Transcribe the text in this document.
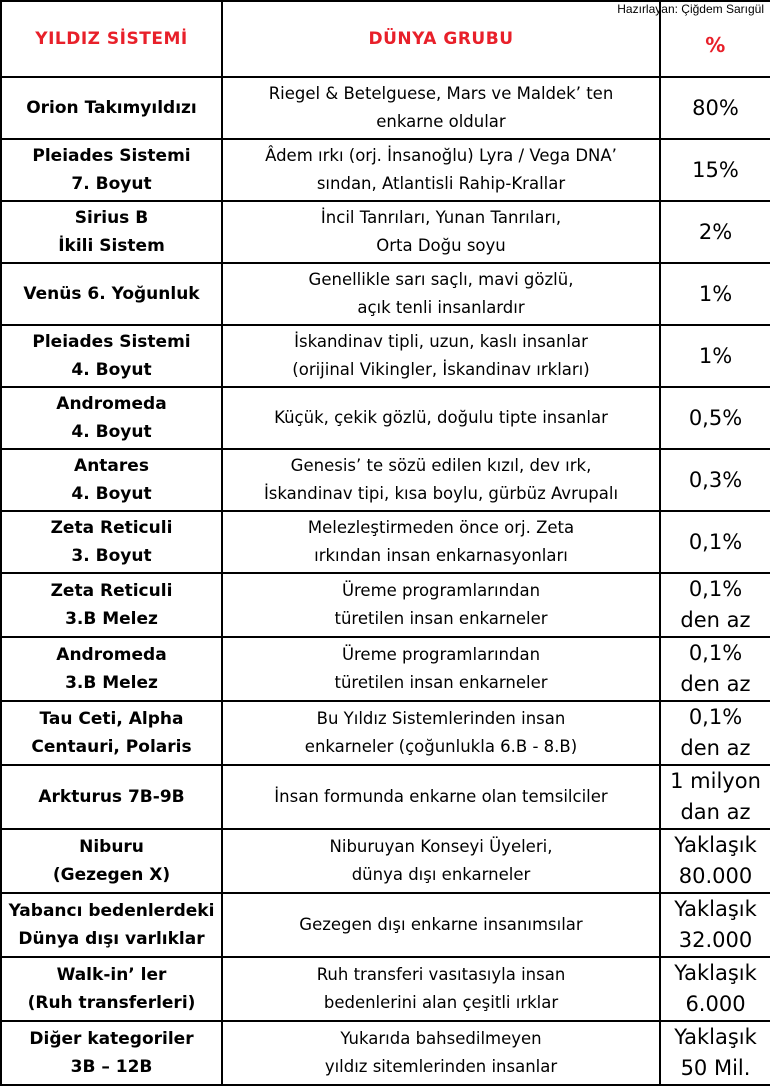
YILDIZ SİSTEMİ	DÜNYA GRUBU	%

Orion Takımyıldızı	Riegel & Betelguese, Mars ve Maldek’ ten
enkarne oldular	80%

Pleiades Sistemi
7. Boyut	Âdem ırkı (orj. İnsanoğlu) Lyra / Vega DNA’
sından, Atlantisli Rahip-Krallar	15%

Sirius B
İkili Sistem	İncil Tanrıları, Yunan Tanrıları,
Orta Doğu soyu	2%

Venüs 6. Yoğunluk	Genellikle sarı saçlı, mavi gözlü,
açık tenli insanlardır	1%

Pleiades Sistemi
4. Boyut	İskandinav tipli, uzun, kaslı insanlar
(orijinal Vikingler, İskandinav ırkları)	1%

Andromeda
4. Boyut	Küçük, çekik gözlü, doğulu tipte insanlar	0,5%

Antares
4. Boyut	Genesis’ te sözü edilen kızıl, dev ırk,
İskandinav tipi, kısa boylu, gürbüz Avrupalı	0,3%

Zeta Reticuli
3. Boyut	Melezleştirmeden önce orj. Zeta
ırkından insan enkarnasyonları	0,1%

Zeta Reticuli
3.B Melez	Üreme programlarından
türetilen insan enkarneler	0,1%
den az

Andromeda
3.B Melez	Üreme programlarından
türetilen insan enkarneler	0,1%
den az

Tau Ceti, Alpha
Centauri, Polaris	Bu Yıldız Sistemlerinden insan
enkarneler (çoğunlukla 6.B - 8.B)	0,1%
den az

Arkturus 7B-9B	İnsan formunda enkarne olan temsilciler	1 milyon
dan az

Niburu
(Gezegen X)	Niburuyan Konseyi Üyeleri,
dünya dışı enkarneler	Yaklaşık
80.000

Yabancı bedenlerdeki
Dünya dışı varlıklar	Gezegen dışı enkarne insanımsılar	Yaklaşık
32.000

Walk-in’ ler
(Ruh transferleri)	Ruh transferi vasıtasıyla insan
bedenlerini alan çeşitli ırklar	Yaklaşık
6.000

Diğer kategoriler
3B – 12B	Yukarıda bahsedilmeyen
yıldız sitemlerinden insanlar	Yaklaşık
50 Mil.
Hazırlayan: Çiğdem Sarıgül
